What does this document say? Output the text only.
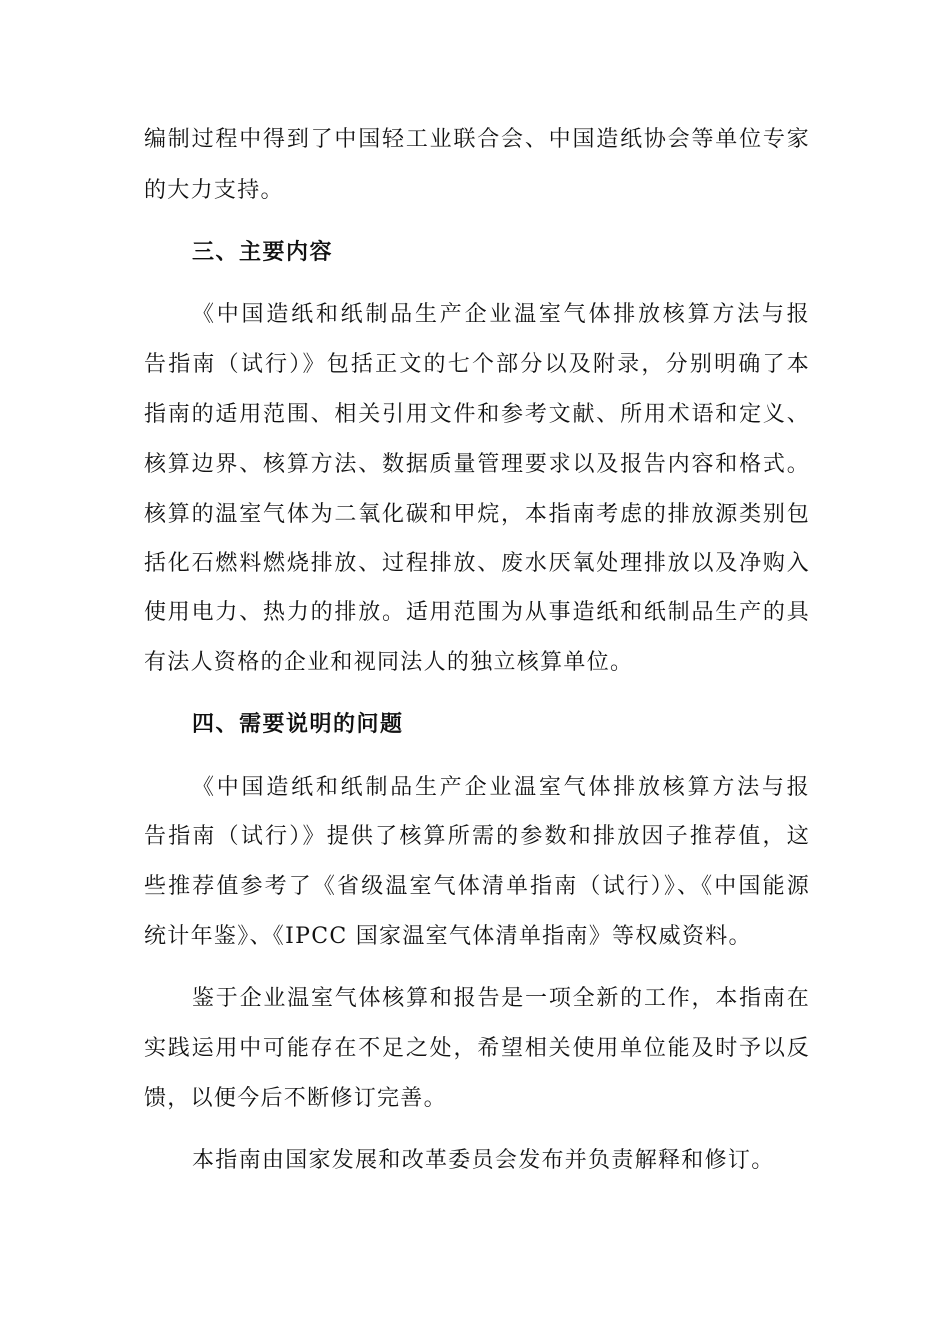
编制过程中得到了中国轻工业联合会、中国造纸协会等单位专家
的大力支持。
三、主要内容
《中国造纸和纸制品生产企业温室气体排放核算方法与报
告指南（试行）》包括正文的七个部分以及附录，分别明确了本
指南的适用范围、相关引用文件和参考文献、所用术语和定义、
核算边界、核算方法、数据质量管理要求以及报告内容和格式。
核算的温室气体为二氧化碳和甲烷，本指南考虑的排放源类别包
括化石燃料燃烧排放、过程排放、废水厌氧处理排放以及净购入
使用电力、热力的排放。适用范围为从事造纸和纸制品生产的具
有法人资格的企业和视同法人的独立核算单位。
四、需要说明的问题
《中国造纸和纸制品生产企业温室气体排放核算方法与报
告指南（试行）》提供了核算所需的参数和排放因子推荐值，这
些推荐值参考了《省级温室气体清单指南（试行）》、《中国能源
统计年鉴》、《IPCC 国家温室气体清单指南》等权威资料。
鉴于企业温室气体核算和报告是一项全新的工作，本指南在
实践运用中可能存在不足之处，希望相关使用单位能及时予以反
馈，以便今后不断修订完善。
本指南由国家发展和改革委员会发布并负责解释和修订。
